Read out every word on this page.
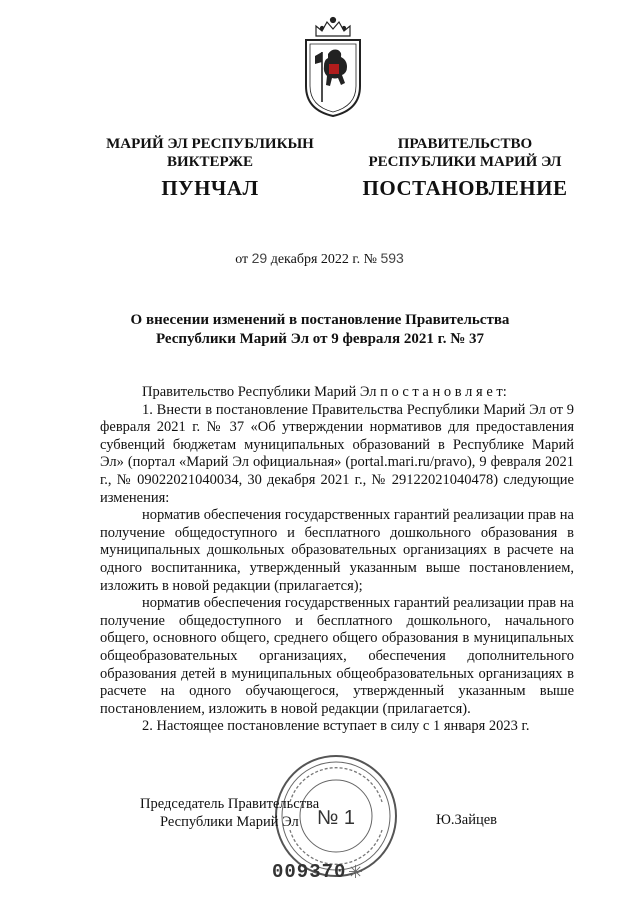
МАРИЙ ЭЛ РЕСПУБЛИКЫН
ВИКТЕРЖЕ
ПУНЧАЛ
ПРАВИТЕЛЬСТВО
РЕСПУБЛИКИ МАРИЙ ЭЛ
ПОСТАНОВЛЕНИЕ
от 29 декабря 2022 г. № 593
О внесении изменений в постановление Правительства
Республики Марий Эл от 9 февраля 2021 г. № 37

Правительство Республики Марий Эл п о с т а н о в л я е т:

1. Внести в постановление Правительства Республики Марий Эл от 9 февраля 2021 г. № 37 «Об утверждении нормативов для предоставления субвенций бюджетам муниципальных образований в Республике Марий Эл» (портал «Марий Эл официальная» (portal.mari.ru/pravo), 9 февраля 2021 г., № 09022021040034, 30 декабря 2021 г., № 29122021040478) следующие изменения:

норматив обеспечения государственных гарантий реализации прав на получение общедоступного и бесплатного дошкольного образования в муниципальных дошкольных образовательных организациях в расчете на одного воспитанника, утвержденный указанным выше постановлением, изложить в новой редакции (прилагается);

норматив обеспечения государственных гарантий реализации прав на получение общедоступного и бесплатного дошкольного, начального общего, основного общего, среднего общего образования в муниципальных общеобразовательных организациях, обеспечения дополнительного образования детей в муниципальных общеобразовательных организациях в расчете на одного обучающегося, утвержденный указанным выше постановлением, изложить в новой редакции (прилагается).

2. Настоящее постановление вступает в силу с 1 января 2023 г.

№ 1
Председатель Правительства
Республики Марий Эл	Ю.Зайцев
009370 ✳
